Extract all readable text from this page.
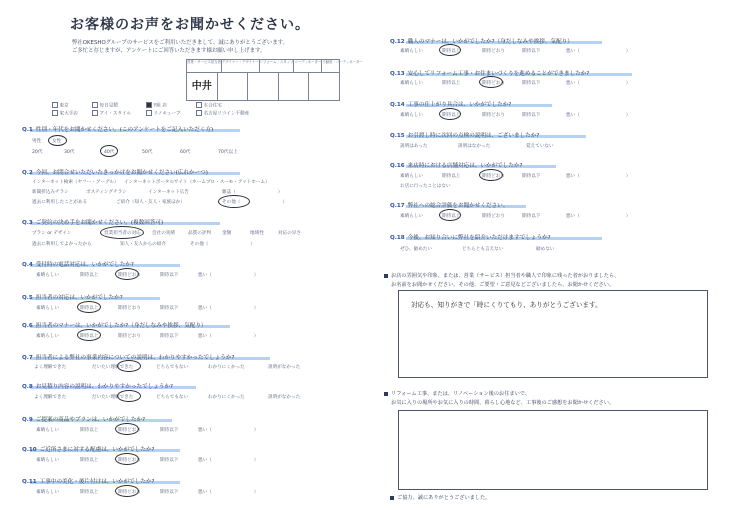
お客様のお声をお聞かせください。
弊社OKESHOグループのサービスをご利用いただきまして、誠にありがとうございます。
ご多忙と存じますが、アンケートにご回答いただきます様お願い申し上げます。
営業・サービス担当者 デザイナー・デザイナー リフォーム・スタッフ コーディネーター 不動産・コーディネーター
中井
東京	毎日見積	Y組 店	水合住宅
家大手店	アイ・スタイル	リノキューブ	名古屋リコイン不動産
Q.1 性別・年代をお聞かせください。(このアンケートをご記入いただく方)
男性 女性
20代	30代	40代	50代	60代	70代以上
Q.2 今回、お問合せいただいたきっかけをお聞かせください(広れかーつ)
インターネット検索（ヤフー・グーグル） インターネットポータルサイト（ホームプロ・スーモ・アットホーム）
新聞折込みチラシ	ポスティングチラシ	インターネット広告	雑誌（	）
過去に利用したことがある	ご紹介（知人・友人・家族ほか）	その他（	）
Q.3 ご契約の決め手をお聞かせください。(複数回答可)
プラン or デザイン	営業担当者の対応 会社の実績	品質の評判 金額	地域性	対応の早さ
過去に利用してよかったから	知人・友人からの紹介	その他（	）
Q.4 受付時の電話対応は、いかがでしたか?
素晴らしい	期待以上	期待どおり	期待以下	悪い（	）
Q.5 担当者の対応は、いかがでしたか?
素晴らしい	期待以上	期待どおり	期待以下	悪い（	）
Q.6 担当者のマナーは、いかがでしたか?（身だしなみや挨拶、気配り）
素晴らしい	期待以上	期待どおり	期待以下	悪い（	）
Q.7 担当者による弊社の事業内容についての説明は、わかりやすかったでしょうか?
よく理解できた	だいたい理解できた	どちらでもない	わかりにくかった	説明がなかった
Q.8 お見積り内容の説明は、わかりやすかったでしょうか?
よく理解できた	だいたい理解できた	どちらでもない	わかりにくかった	説明がなかった
Q.9 ご提案の商品やプランは、いかがでしたか?
素晴らしい	期待以上	期待どおり	期待以下	悪い（	）
Q.10 ご近所さまに対する配慮は、いかがでしたか?
素晴らしい	期待以上	期待どおり	期待以下	悪い（	）
Q.11 工事中の美化・後片付けは、いかがでしたか?
素晴らしい	期待以上	期待どおり	期待以下	悪い（	）
Q.12 職人のマナーは、いかがでしたか?（身だしなみや挨拶、気配り）
素晴らしい	期待以上	期待どおり	期待以下	悪い（	）
Q.13 安心してリフォーム工事・お住まいづくりを進めることができましたか?
素晴らしい	期待以上	期待どおり	期待以下	悪い（	）
Q.14 工事の仕上がり具合は、いかがでしたか?
素晴らしい	期待以上	期待どおり	期待以下	悪い（	）
Q.15 お引渡し時に次回の点検の説明は、ございましたか?
説明はあった	説明はなかった	覚えていない
Q.16 来店時における店舗対応は、いかがでしたか?
素晴らしい	期待以上	期待どおり	期待以下	悪い（	）
お店に行ったことはない
Q.17 弊社への総合評価をお聞かせください。
素晴らしい	期待以上	期待どおり	期待以下	悪い（	）
Q.18 今後、お知り合いに弊社を紹介いただけますでしょうか?
ぜひ、勧めたい	どちらとも言えない	勧めない
お店の雰囲気や印象、または、営業（サービス）担当者や職人で印象に残った者がおりましたら、
お名前をお聞かせください。その他、ご要望・ご意見などございましたら、お聞かせください。
対応も、知りがきで「時にくりてもり、ありがとうございます。
リフォーム工事、または、リノベーション後のお住まいで、
お気に入りの場所やお気に入りの時間、暮らし心地など、工事後のご感想をお聞かせください。
ご協力、誠にありがとうございました。
